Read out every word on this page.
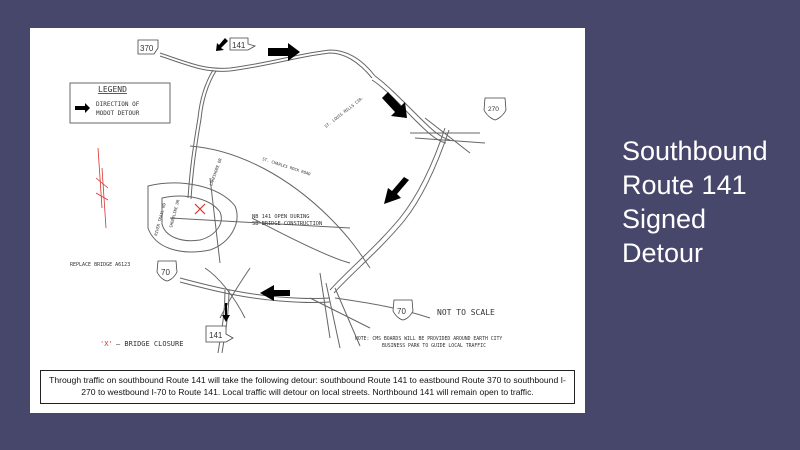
Southbound
Route 141
Signed
Detour
370	141
270
70
70
141
LEGEND
DIRECTION OF
MODOT DETOUR	ST. LOUIS MILLS CIR.
ST. CHARLES ROCK ROAD
LAKESHORE DR
RIVER TRAIL RD SHORELINE DR	NB 141 OPEN DURING
SB BRIDGE CONSTRUCTION
REPLACE BRIDGE A6123
NOT TO SCALE
NOTE: CMS BOARDS WILL BE PROVIDED AROUND EARTH CITY
BUSINESS PARK TO GUIDE LOCAL TRAFFIC
'X' – BRIDGE CLOSURE
Through traffic on southbound Route 141 will take the following detour: southbound Route 141 to eastbound Route 370 to southbound I-270 to westbound I-70 to Route 141. Local traffic will detour on local streets. Northbound 141 will remain open to traffic.
